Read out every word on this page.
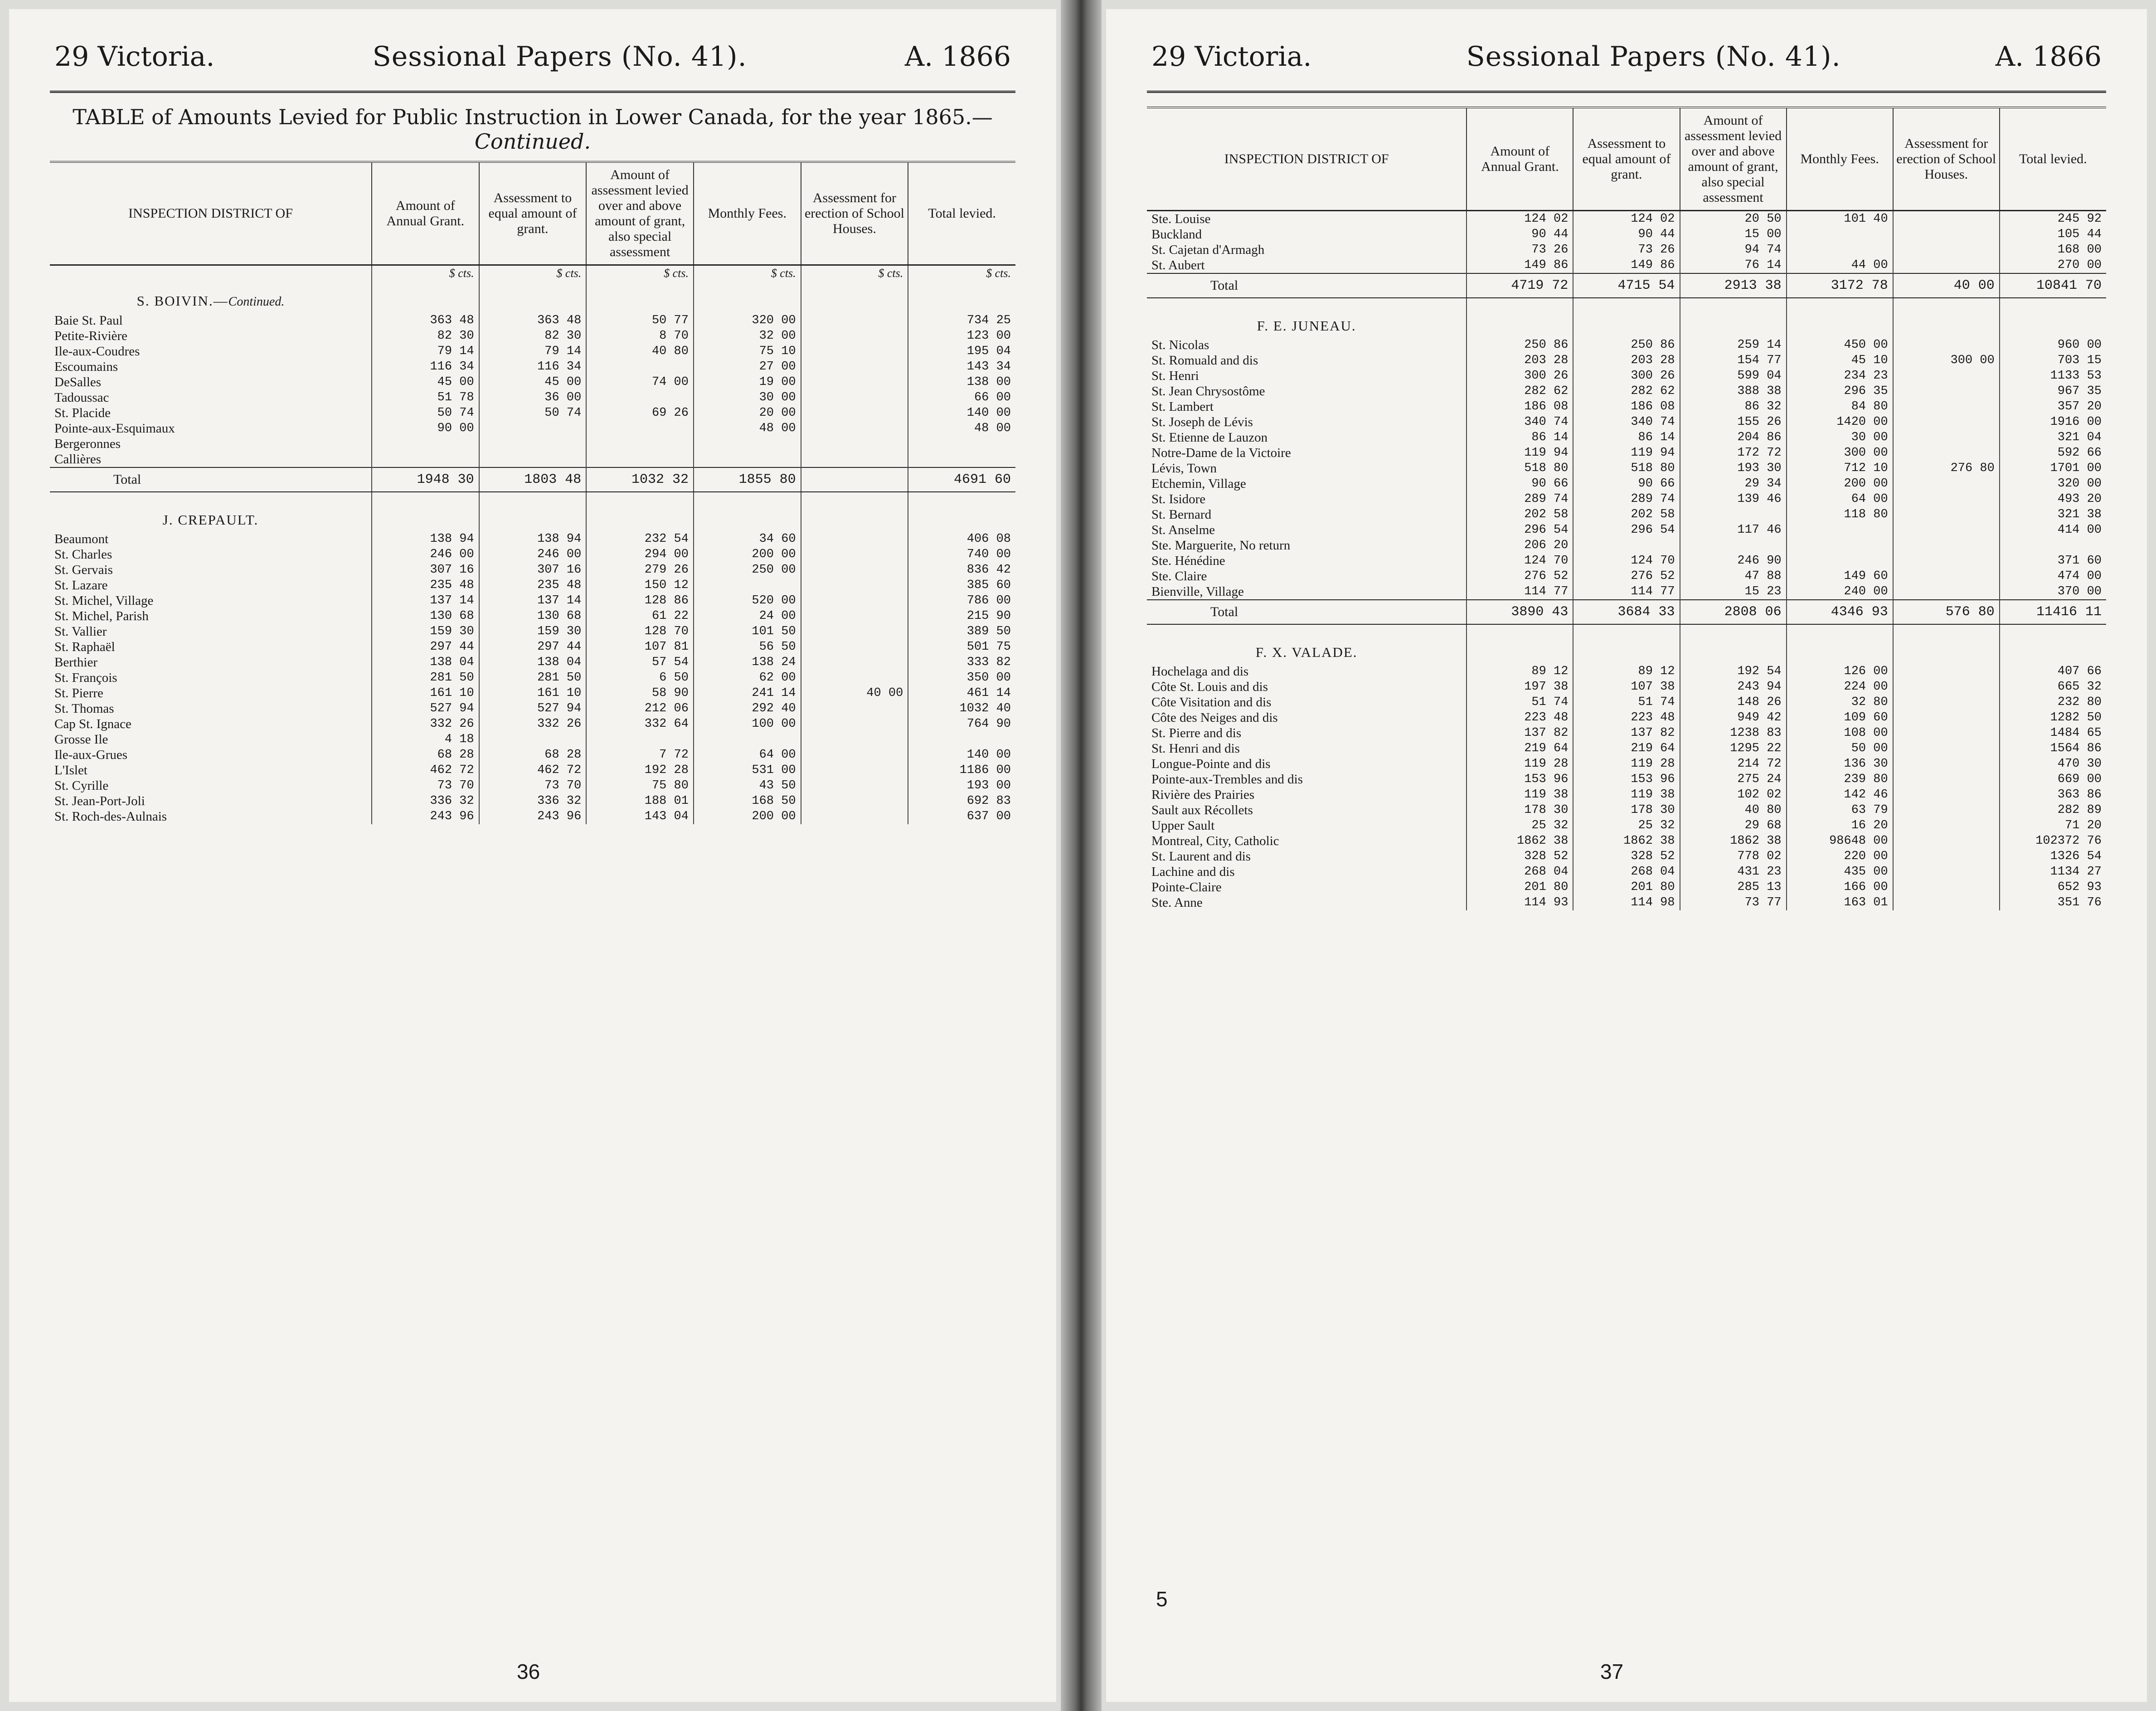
29 Victoria.	Sessional Papers (No. 41).	A. 1866
TABLE of Amounts Levied for Public Instruction in Lower Canada, for the year 1865.—Continued.
INSPECTION DISTRICT OF	Amount of Annual Grant.	Assessment to equal amount of grant.	Amount of assessment levied over and above amount of grant, also special assessment	Monthly Fees.	Assessment for erection of School Houses.	Total levied.
	$ cts.	$ cts.	$ cts.	$ cts.	$ cts.	$ cts.
S. BOIVIN.—Continued.						
Baie St. Paul	363 48	363 48	50 77	320 00		734 25
Petite-Rivière	82 30	82 30	8 70	32 00		123 00
Ile-aux-Coudres	79 14	79 14	40 80	75 10		195 04
Escoumains	116 34	116 34		27 00		143 34
DeSalles	45 00	45 00	74 00	19 00		138 00
Tadoussac	51 78	36 00		30 00		66 00
St. Placide	50 74	50 74	69 26	20 00		140 00
Pointe-aux-Esquimaux	90 00			48 00		48 00
Bergeronnes						
Callières						
Total	1948 30	1803 48	1032 32	1855 80		4691 60

J. CREPAULT.						
Beaumont	138 94	138 94	232 54	34 60		406 08
St. Charles	246 00	246 00	294 00	200 00		740 00
St. Gervais	307 16	307 16	279 26	250 00		836 42
St. Lazare	235 48	235 48	150 12			385 60
St. Michel, Village	137 14	137 14	128 86	520 00		786 00
St. Michel, Parish	130 68	130 68	61 22	24 00		215 90
St. Vallier	159 30	159 30	128 70	101 50		389 50
St. Raphaël	297 44	297 44	107 81	56 50		501 75
Berthier	138 04	138 04	57 54	138 24		333 82
St. François	281 50	281 50	6 50	62 00		350 00
St. Pierre	161 10	161 10	58 90	241 14	40 00	461 14
St. Thomas	527 94	527 94	212 06	292 40		1032 40
Cap St. Ignace	332 26	332 26	332 64	100 00		764 90
Grosse Ile	4 18					
Ile-aux-Grues	68 28	68 28	7 72	64 00		140 00
L'Islet	462 72	462 72	192 28	531 00		1186 00
St. Cyrille	73 70	73 70	75 80	43 50		193 00
St. Jean-Port-Joli	336 32	336 32	188 01	168 50		692 83
St. Roch-des-Aulnais	243 96	243 96	143 04	200 00		637 00
36
29 Victoria.	Sessional Papers (No. 41).	A. 1866
INSPECTION DISTRICT OF	Amount of Annual Grant.	Assessment to equal amount of grant.	Amount of assessment levied over and above amount of grant, also special assessment	Monthly Fees.	Assessment for erection of School Houses.	Total levied.
Ste. Louise	124 02	124 02	20 50	101 40		245 92
Buckland	90 44	90 44	15 00			105 44
St. Cajetan d'Armagh	73 26	73 26	94 74			168 00
St. Aubert	149 86	149 86	76 14	44 00		270 00
Total	4719 72	4715 54	2913 38	3172 78	40 00	10841 70

F. E. JUNEAU.						
St. Nicolas	250 86	250 86	259 14	450 00		960 00
St. Romuald and dis	203 28	203 28	154 77	45 10	300 00	703 15
St. Henri	300 26	300 26	599 04	234 23		1133 53
St. Jean Chrysostôme	282 62	282 62	388 38	296 35		967 35
St. Lambert	186 08	186 08	86 32	84 80		357 20
St. Joseph de Lévis	340 74	340 74	155 26	1420 00		1916 00
St. Etienne de Lauzon	86 14	86 14	204 86	30 00		321 04
Notre-Dame de la Victoire	119 94	119 94	172 72	300 00		592 66
Lévis, Town	518 80	518 80	193 30	712 10	276 80	1701 00
Etchemin, Village	90 66	90 66	29 34	200 00		320 00
St. Isidore	289 74	289 74	139 46	64 00		493 20
St. Bernard	202 58	202 58		118 80		321 38
St. Anselme	296 54	296 54	117 46			414 00
Ste. Marguerite, No return	206 20					
Ste. Hénédine	124 70	124 70	246 90			371 60
Ste. Claire	276 52	276 52	47 88	149 60		474 00
Bienville, Village	114 77	114 77	15 23	240 00		370 00
Total	3890 43	3684 33	2808 06	4346 93	576 80	11416 11

F. X. VALADE.						
Hochelaga and dis	89 12	89 12	192 54	126 00		407 66
Côte St. Louis and dis	197 38	107 38	243 94	224 00		665 32
Côte Visitation and dis	51 74	51 74	148 26	32 80		232 80
Côte des Neiges and dis	223 48	223 48	949 42	109 60		1282 50
St. Pierre and dis	137 82	137 82	1238 83	108 00		1484 65
St. Henri and dis	219 64	219 64	1295 22	50 00		1564 86
Longue-Pointe and dis	119 28	119 28	214 72	136 30		470 30
Pointe-aux-Trembles and dis	153 96	153 96	275 24	239 80		669 00
Rivière des Prairies	119 38	119 38	102 02	142 46		363 86
Sault aux Récollets	178 30	178 30	40 80	63 79		282 89
Upper Sault	25 32	25 32	29 68	16 20		71 20
Montreal, City, Catholic	1862 38	1862 38	1862 38	98648 00		102372 76
St. Laurent and dis	328 52	328 52	778 02	220 00		1326 54
Lachine and dis	268 04	268 04	431 23	435 00		1134 27
Pointe-Claire	201 80	201 80	285 13	166 00		652 93
Ste. Anne	114 93	114 98	73 77	163 01		351 76
5
37
